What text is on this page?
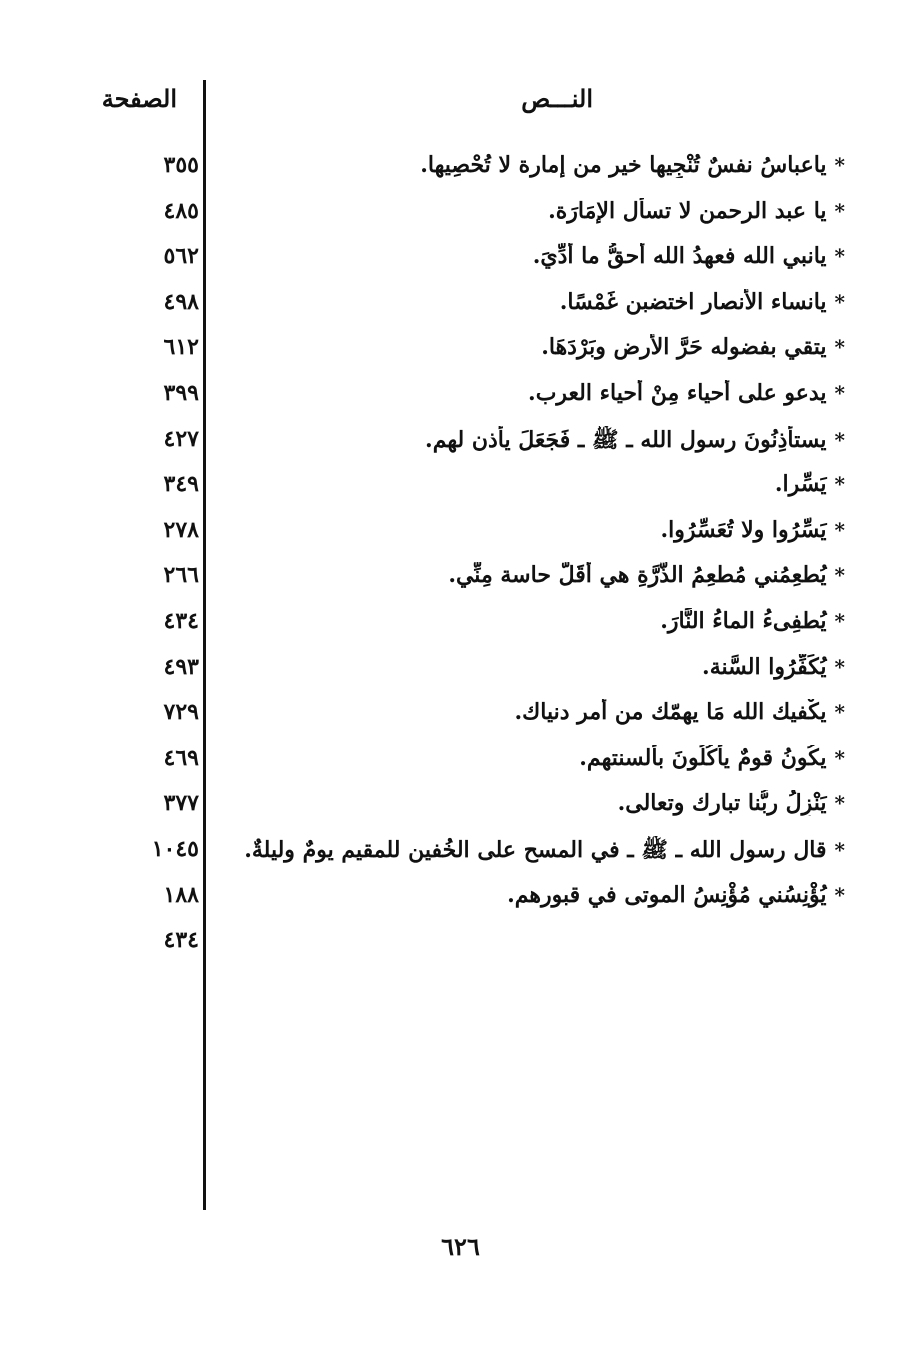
النـــص
الصفحة
*ياعباسُ نفسٌ تُنْجِيها خير من إمارة لا تُحْصِيها.
٣٥٥
*يا عبد الرحمن لا تسأل الإمَارَة.
٤٨٥
*يانبي الله فعهدُ الله أحقُّ ما أُدِّيَ.
٥٦٢
*يانساء الأنصار اختضبن غَمْسًا.
٤٩٨
*يتقي بفضوله حَرَّ الأرضِ وبَرْدَهَا.
٦١٢
*يدعو على أحياء مِنْ أحياء العرب.
٣٩٩
*يستأذِنُونَ رسول الله ـ ﷺ ـ فَجَعَلَ يأذن لهم.
٤٢٧
*يَسِّرا.
٣٤٩
*يَسِّرُوا ولا تُعَسِّرُوا.
٢٧٨
*يُطعِمُني مُطعِمُ الذَّرَّةِ هي أقَلُّ حاسة مِنِّي.
٢٦٦
*يُطفِىءُ الماءُ النَّارَ.
٤٣٤
*يُكَفِّرُوا السَّنة.
٤٩٣
*يكْفيك الله مَا يهمّك من أمر دنياك.
٧٢٩
*يكُونُ قومٌ يأكُلُونَ بألسنتهم.
٤٦٩
*يَنْزِلُ ربُّنا تبارك وتعالى.
٣٧٧
*قال رسول الله ـ ﷺ ـ في المسح على الخُفين للمقيم يومٌ وليلةٌ.
١٠٤٥
*يُؤْنِسُني مُؤْنِسُ الموتى في قبورهم.
١٨٨
٤٣٤
٦٢٦
